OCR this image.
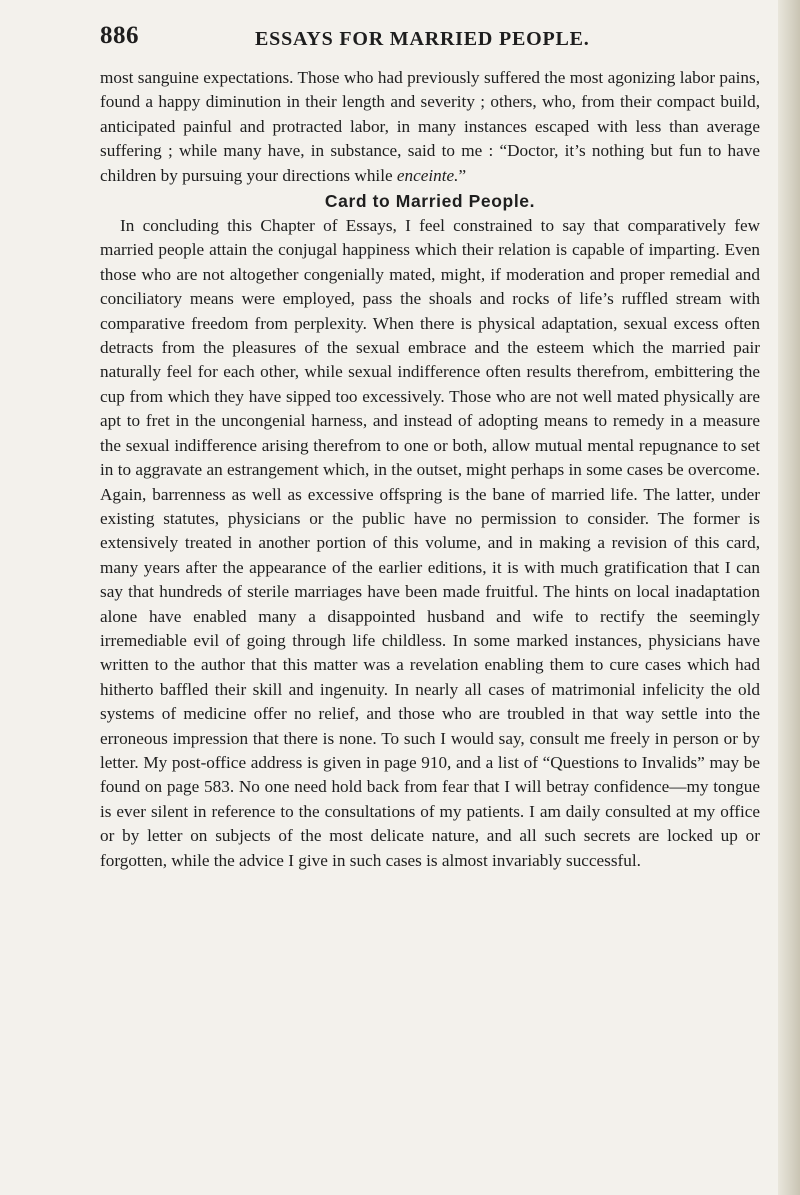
886	ESSAYS FOR MARRIED PEOPLE.

most sanguine expectations. Those who had previously suffered the most agonizing labor pains, found a happy diminution in their length and severity ; others, who, from their compact build, anticipated painful and protracted labor, in many instances escaped with less than average suffering ; while many have, in substance, said to me : “Doctor, it’s nothing but fun to have children by pursuing your directions while enceinte.”

Card to Married People.

In concluding this Chapter of Essays, I feel constrained to say that comparatively few married people attain the conjugal happiness which their relation is capable of imparting. Even those who are not altogether congenially mated, might, if moderation and proper remedial and conciliatory means were employed, pass the shoals and rocks of life’s ruffled stream with comparative freedom from perplexity. When there is physical adaptation, sexual excess often detracts from the pleasures of the sexual embrace and the esteem which the married pair naturally feel for each other, while sexual indifference often results therefrom, embittering the cup from which they have sipped too excessively. Those who are not well mated physically are apt to fret in the uncongenial harness, and instead of adopting means to remedy in a measure the sexual indifference arising therefrom to one or both, allow mutual mental repugnance to set in to aggravate an estrangement which, in the outset, might perhaps in some cases be overcome. Again, barrenness as well as excessive offspring is the bane of married life. The latter, under existing statutes, physicians or the public have no permission to consider. The former is extensively treated in another portion of this volume, and in making a revision of this card, many years after the appearance of the earlier editions, it is with much gratification that I can say that hundreds of sterile marriages have been made fruitful. The hints on local inadaptation alone have enabled many a disappointed husband and wife to rectify the seemingly irremediable evil of going through life childless. In some marked instances, physicians have written to the author that this matter was a revelation enabling them to cure cases which had hitherto baffled their skill and ingenuity. In nearly all cases of matrimonial infelicity the old systems of medicine offer no relief, and those who are troubled in that way settle into the erroneous impression that there is none. To such I would say, consult me freely in person or by letter. My post-office address is given in page 910, and a list of “Questions to Invalids” may be found on page 583. No one need hold back from fear that I will betray confidence—my tongue is ever silent in reference to the consultations of my patients. I am daily consulted at my office or by letter on subjects of the most delicate nature, and all such secrets are locked up or forgotten, while the advice I give in such cases is almost invariably successful.
